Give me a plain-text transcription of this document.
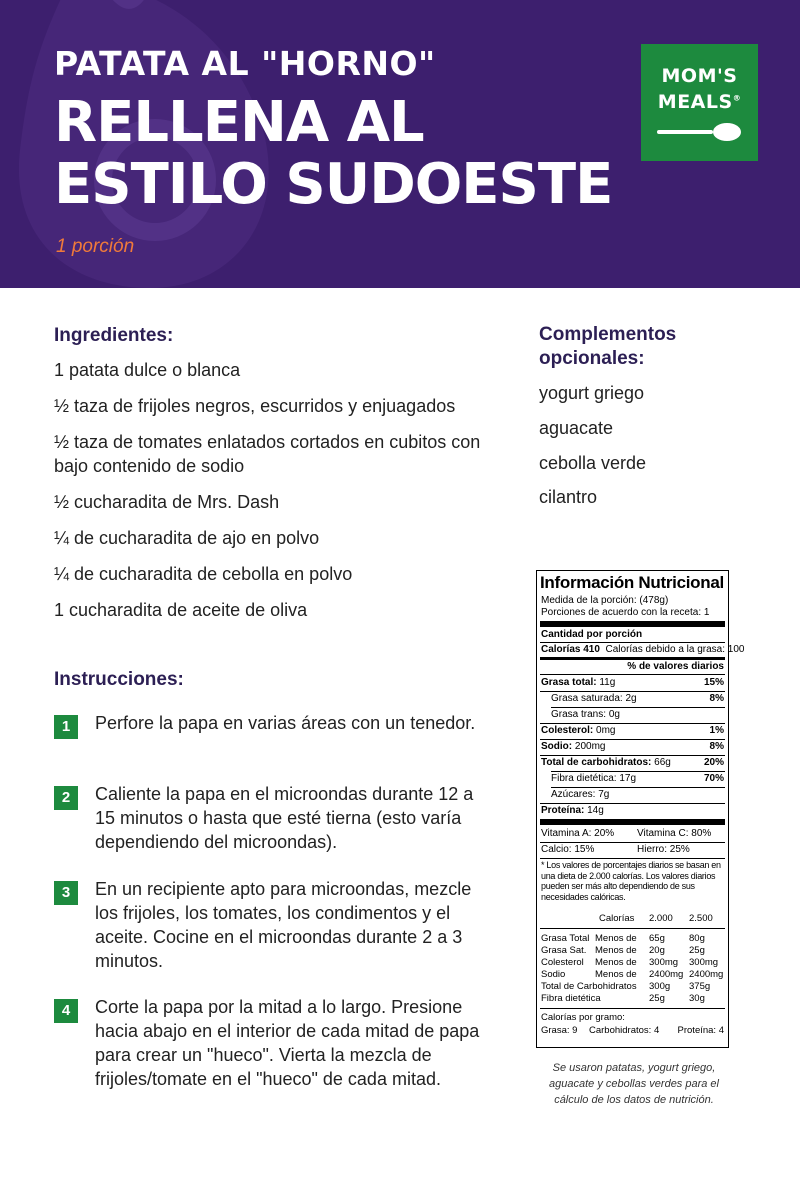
PATATA AL "HORNO"
RELLENA AL
ESTILO SUDOESTE
1 porción
MOM'S
MEALS®
Ingredientes:
1 patata dulce o blanca
½ taza de frijoles negros, escurridos y enjuagados
½ taza de tomates enlatados cortados en cubitos con bajo contenido de sodio
½ cucharadita de Mrs. Dash
¼ de cucharadita de ajo en polvo
¼ de cucharadita de cebolla en polvo
1 cucharadita de aceite de oliva
Instrucciones:
1	Perfore la papa en varias áreas con un tenedor.
2	Caliente la papa en el microondas durante 12 a 15 minutos o hasta que esté tierna (esto varía dependiendo del microondas).
3	En un recipiente apto para microondas, mezcle los frijoles, los tomates, los condimentos y el aceite. Cocine en el microondas durante 2 a 3 minutos.
4	Corte la papa por la mitad a lo largo. Presione hacia abajo en el interior de cada mitad de papa para crear un "hueco". Vierta la mezcla de frijoles/tomate en el "hueco" de cada mitad.
Complementos opcionales:
yogurt griego
aguacate
cebolla verde
cilantro
Información Nutricional
Medida de la porción: (478g)
Porciones de acuerdo con la receta: 1
Cantidad por porción
Calorías 410 Calorías debido a la grasa: 100
% de valores diarios
Grasa total: 11g	15%
Grasa saturada: 2g	8%
Grasa trans: 0g
Colesterol: 0mg	1%
Sodio: 200mg	8%
Total de carbohidratos: 66g	20%
Fibra dietética: 17g	70%
Azúcares: 7g
Proteína: 14g
Vitamina A: 20% Vitamina C: 80%
Calcio: 15%	Hierro: 25%
* Los valores de porcentajes diarios se basan en una dieta de 2.000 calorías. Los valores diarios pueden ser más alto dependiendo de sus necesidades calóricas.
Calorías 2.000 2.500
Grasa Total Menos de 65g	80g
Grasa Sat. Menos de 20g	25g
Colesterol Menos de 300mg 300mg
Sodio	Menos de 2400mg 2400mg
Total de Carbohidratos 300g 375g
Fibra dietética	25g	30g
Calorías por gramo:
Grasa: 9 Carbohidratos: 4 Proteína: 4
Se usaron patatas, yogurt griego, aguacate y cebollas verdes para el cálculo de los datos de nutrición.
